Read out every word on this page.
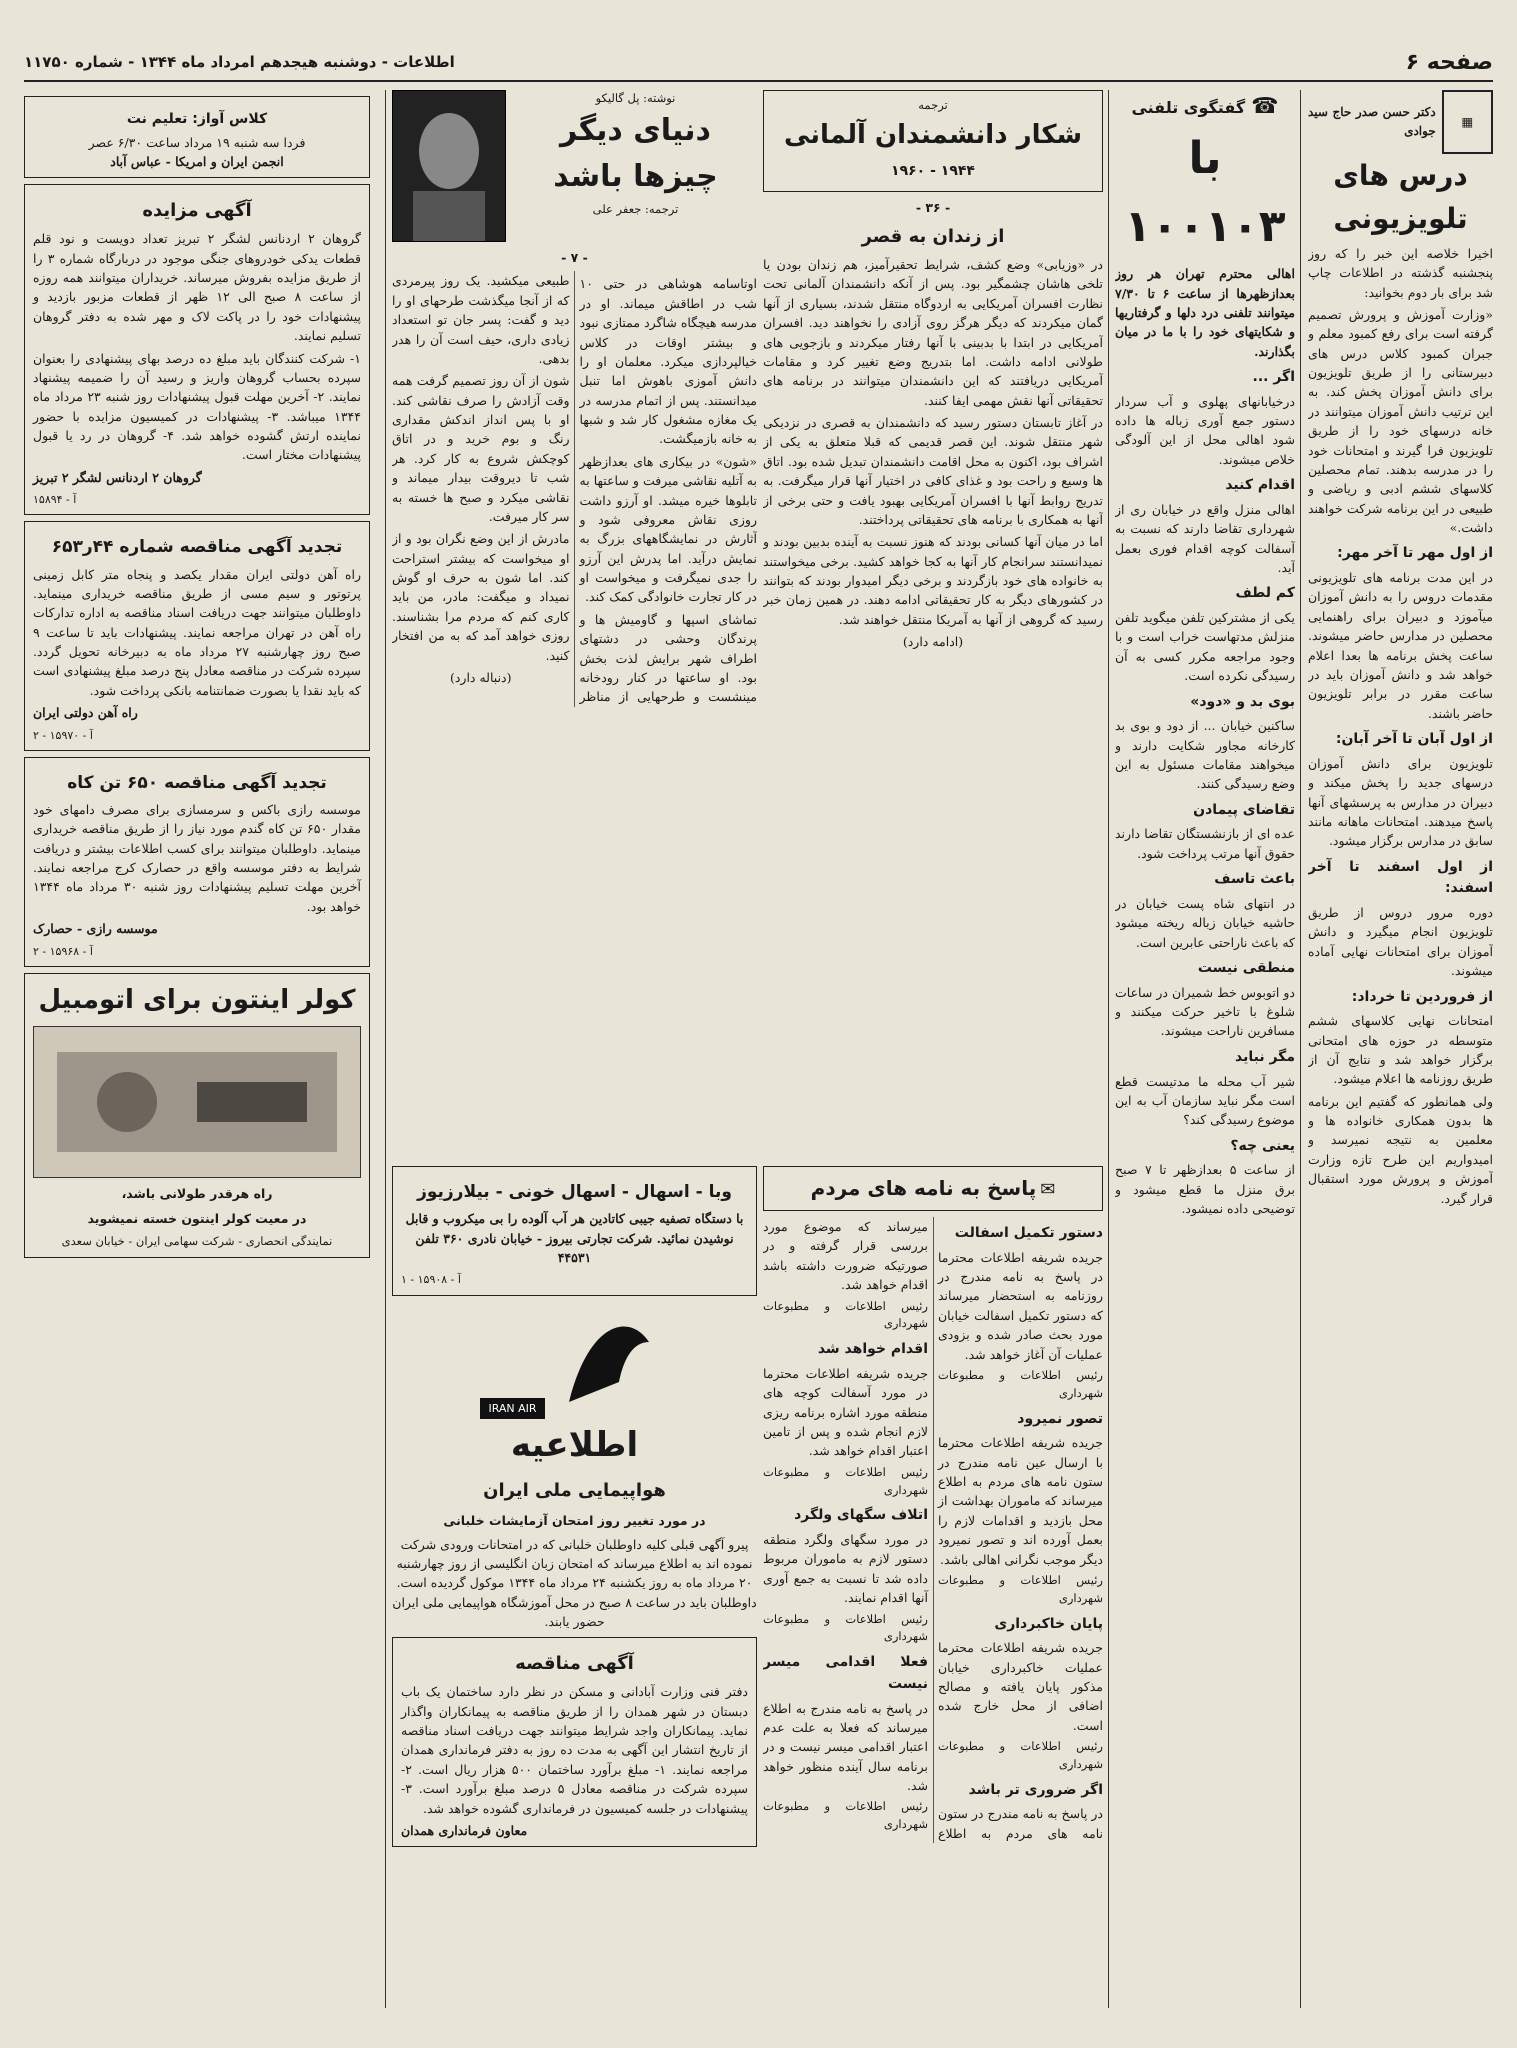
صفحه ۶
اطلاعات - دوشنبه هیجدهم امرداد ماه ۱۳۴۴ - شماره ۱۱۷۵۰
▦
دکتر حسن صدر حاج سید جوادی
درس های تلویزیونی

اخیرا خلاصه این خبر را که روز پنجشنبه گذشته در اطلاعات چاپ شد برای بار دوم بخوانید:

«وزارت آموزش و پرورش تصمیم گرفته است برای رفع کمبود معلم و جبران کمبود کلاس درس های دبیرستانی را از طریق تلویزیون برای دانش آموزان پخش کند. به این ترتیب دانش آموزان میتوانند در خانه درسهای خود را از طریق تلویزیون فرا گیرند و امتحانات خود را در مدرسه بدهند. تمام محصلین کلاسهای ششم ادبی و ریاضی و طبیعی در این برنامه شرکت خواهند داشت.»

از اول مهر تا آخر مهر:

در این مدت برنامه های تلویزیونی مقدمات دروس را به دانش آموزان میآموزد و دبیران برای راهنمایی محصلین در مدارس حاضر میشوند. ساعت پخش برنامه ها بعدا اعلام خواهد شد و دانش آموزان باید در ساعت مقرر در برابر تلویزیون حاضر باشند.

از اول آبان تا آخر آبان:

تلویزیون برای دانش آموزان درسهای جدید را پخش میکند و دبیران در مدارس به پرسشهای آنها پاسخ میدهند. امتحانات ماهانه مانند سابق در مدارس برگزار میشود.

از اول اسفند تا آخر اسفند:

دوره مرور دروس از طریق تلویزیون انجام میگیرد و دانش آموزان برای امتحانات نهایی آماده میشوند.

از فروردین تا خرداد:

امتحانات نهایی کلاسهای ششم متوسطه در حوزه های امتحانی برگزار خواهد شد و نتایج آن از طریق روزنامه ها اعلام میشود.

ولی همانطور که گفتیم این برنامه ها بدون همکاری خانواده ها و معلمین به نتیجه نمیرسد و امیدواریم این طرح تازه وزارت آموزش و پرورش مورد استقبال قرار گیرد.

☎
گفتگوی تلفنی
با ۱۰۰۱۰۳

اهالی محترم تهران هر روز بعدازظهرها از ساعت ۶ تا ۷/۳۰ میتوانند تلفنی درد دلها و گرفتاریها و شکایتهای خود را با ما در میان بگذارند.

اگر ...

درخیابانهای پهلوی و آب سردار دستور جمع آوری زباله ها داده شود اهالی محل از این آلودگی خلاص میشوند.

اقدام کنید

اهالی منزل واقع در خیابان ری از شهرداری تقاضا دارند که نسبت به آسفالت کوچه اقدام فوری بعمل آید.

کم لطف

یکی از مشترکین تلفن میگوید تلفن منزلش مدتهاست خراب است و با وجود مراجعه مکرر کسی به آن رسیدگی نکرده است.

بوی بد و «دود»

ساکنین خیابان ... از دود و بوی بد کارخانه مجاور شکایت دارند و میخواهند مقامات مسئول به این وضع رسیدگی کنند.

تقاضای پیمادن

عده ای از بازنشستگان تقاضا دارند حقوق آنها مرتب پرداخت شود.

باعث تاسف

در انتهای شاه پست خیابان در حاشیه خیابان زباله ریخته میشود که باعث ناراحتی عابرین است.

منطقی نیست

دو اتوبوس خط شمیران در ساعات شلوغ با تاخیر حرکت میکنند و مسافرین ناراحت میشوند.

مگر نباید

شیر آب محله ما مدتیست قطع است مگر نباید سازمان آب به این موضوع رسیدگی کند؟

یعنی چه؟

از ساعت ۵ بعدازظهر تا ۷ صبح برق منزل ما قطع میشود و توضیحی داده نمیشود.

ترجمه
شکار دانشمندان آلمانی
۱۹۴۴ - ۱۹۶۰
- ۳۶ -
از زندان به قصر

در «وزیابی» وضع کشف، شرایط تحقیرآمیز، هم زندان بودن یا تلخی هاشان چشمگیر بود. پس از آنکه دانشمندان آلمانی تحت نظارت افسران آمریکایی به اردوگاه منتقل شدند، بسیاری از آنها گمان میکردند که دیگر هرگز روی آزادی را نخواهند دید. افسران آمریکایی در ابتدا با بدبینی با آنها رفتار میکردند و بازجویی های طولانی ادامه داشت. اما بتدریج وضع تغییر کرد و مقامات آمریکایی دریافتند که این دانشمندان میتوانند در برنامه های تحقیقاتی آنها نقش مهمی ایفا کنند.

در آغاز تابستان دستور رسید که دانشمندان به قصری در نزدیکی شهر منتقل شوند. این قصر قدیمی که قبلا متعلق به یکی از اشراف بود، اکنون به محل اقامت دانشمندان تبدیل شده بود. اتاق ها وسیع و راحت بود و غذای کافی در اختیار آنها قرار میگرفت. به تدریج روابط آنها با افسران آمریکایی بهبود یافت و حتی برخی از آنها به همکاری با برنامه های تحقیقاتی پرداختند.

اما در میان آنها کسانی بودند که هنوز نسبت به آینده بدبین بودند و نمیدانستند سرانجام کار آنها به کجا خواهد کشید. برخی میخواستند به خانواده های خود بازگردند و برخی دیگر امیدوار بودند که بتوانند در کشورهای دیگر به کار تحقیقاتی ادامه دهند. در همین زمان خبر رسید که گروهی از آنها به آمریکا منتقل خواهند شد.

(ادامه دارد)

نوشته: پل گالیکو
دنیای دیگر چیزها باشد
ترجمه: جعفر علی
- ۷ -

اوتاسامه هوشاهی در حتی ۱۰ شب در اطاقش میماند. او در مدرسه هیچگاه شاگرد ممتازی نبود و بیشتر اوقات در کلاس خیالپردازی میکرد. معلمان او را دانش آموزی باهوش اما تنبل میدانستند. پس از اتمام مدرسه در یک مغازه مشغول کار شد و شبها به خانه بازمیگشت.

«شون» در بیکاری های بعدازظهر به آتلیه نقاشی میرفت و ساعتها به تابلوها خیره میشد. او آرزو داشت روزی نقاش معروفی شود و آثارش در نمایشگاههای بزرگ به نمایش درآید. اما پدرش این آرزو را جدی نمیگرفت و میخواست او در کار تجارت خانوادگی کمک کند.

تماشای اسپها و گاومیش ها و پرندگان وحشی در دشتهای اطراف شهر برایش لذت بخش بود. او ساعتها در کنار رودخانه مینشست و طرحهایی از مناظر طبیعی میکشید. یک روز پیرمردی که از آنجا میگذشت طرحهای او را دید و گفت: پسر جان تو استعداد زیادی داری، حیف است آن را هدر بدهی.

شون از آن روز تصمیم گرفت همه وقت آزادش را صرف نقاشی کند. او با پس انداز اندکش مقداری رنگ و بوم خرید و در اتاق کوچکش شروع به کار کرد. هر شب تا دیروقت بیدار میماند و نقاشی میکرد و صبح ها خسته به سر کار میرفت.

مادرش از این وضع نگران بود و از او میخواست که بیشتر استراحت کند. اما شون به حرف او گوش نمیداد و میگفت: مادر، من باید کاری کنم که مردم مرا بشناسند. روزی خواهد آمد که به من افتخار کنید.

(دنباله دارد)

کلاس آواز: تعلیم نت
فردا سه شنبه ۱۹ مرداد ساعت ۶/۳۰ عصر
انجمن ایران و امریکا - عباس آباد
آگهی مزایده

گروهان ۲ اردنانس لشگر ۲ تبریز تعداد دویست و نود قلم قطعات یدکی خودروهای جنگی موجود در دربارگاه شماره ۳ را از طریق مزایده بفروش میرساند. خریداران میتوانند همه روزه از ساعت ۸ صبح الی ۱۲ ظهر از قطعات مزبور بازدید و پیشنهادات خود را در پاکت لاک و مهر شده به دفتر گروهان تسلیم نمایند.

۱- شرکت کنندگان باید مبلغ ده درصد بهای پیشنهادی را بعنوان سپرده بحساب گروهان واریز و رسید آن را ضمیمه پیشنهاد نمایند. ۲- آخرین مهلت قبول پیشنهادات روز شنبه ۲۳ مرداد ماه ۱۳۴۴ میباشد. ۳- پیشنهادات در کمیسیون مزایده با حضور نماینده ارتش گشوده خواهد شد. ۴- گروهان در رد یا قبول پیشنهادات مختار است.

گروهان ۲ اردنانس لشگر ۲ تبریز
آ - ۱۵۸۹۴
تجدید آگهی مناقصه شماره ۴۴ر۶۵۳

راه آهن دولتی ایران مقدار یکصد و پنجاه متر کابل زمینی پرتوتور و سیم مسی از طریق مناقصه خریداری مینماید. داوطلبان میتوانند جهت دریافت اسناد مناقصه به اداره تدارکات راه آهن در تهران مراجعه نمایند. پیشنهادات باید تا ساعت ۹ صبح روز چهارشنبه ۲۷ مرداد ماه به دبیرخانه تحویل گردد. سپرده شرکت در مناقصه معادل پنج درصد مبلغ پیشنهادی است که باید نقدا یا بصورت ضمانتنامه بانکی پرداخت شود.

راه آهن دولتی ایران
آ - ۱۵۹۷۰ - ۲
تجدید آگهی مناقصه ۶۵۰ تن کاه

موسسه رازی باکس و سرمسازی برای مصرف دامهای خود مقدار ۶۵۰ تن کاه گندم مورد نیاز را از طریق مناقصه خریداری مینماید. داوطلبان میتوانند برای کسب اطلاعات بیشتر و دریافت شرایط به دفتر موسسه واقع در حصارک کرج مراجعه نمایند. آخرین مهلت تسلیم پیشنهادات روز شنبه ۳۰ مرداد ماه ۱۳۴۴ خواهد بود.

موسسه رازی - حصارک
آ - ۱۵۹۶۸ - ۲
کولر اینتون برای اتومبیل
راه هرقدر طولانی باشد،
در معیت کولر اینتون خسته نمیشوید
نمایندگی انحصاری - شرکت سهامی ایران - خیابان سعدی
وبا - اسهال - اسهال خونی - بیلارزیوز

با دستگاه تصفیه جیبی کاتادین هر آب آلوده را بی میکروب و قابل نوشیدن نمائید. شرکت تجارتی بیروز - خیابان نادری ۳۶۰ تلفن ۴۴۵۳۱

آ - ۱۵۹۰۸ - ۱
IRAN AIR
اطلاعیه
هواپیمایی ملی ایران
در مورد تغییر روز امتحان آزمایشات خلبانی

پیرو آگهی قبلی کلیه داوطلبان خلبانی که در امتحانات ورودی شرکت نموده اند به اطلاع میرساند که امتحان زبان انگلیسی از روز چهارشنبه ۲۰ مرداد ماه به روز یکشنبه ۲۴ مرداد ماه ۱۳۴۴ موکول گردیده است. داوطلبان باید در ساعت ۸ صبح در محل آموزشگاه هواپیمایی ملی ایران حضور یابند.

آگهی مناقصه

دفتر فنی وزارت آبادانی و مسکن در نظر دارد ساختمان یک باب دبستان در شهر همدان را از طریق مناقصه به پیمانکاران واگذار نماید. پیمانکاران واجد شرایط میتوانند جهت دریافت اسناد مناقصه از تاریخ انتشار این آگهی به مدت ده روز به دفتر فرمانداری همدان مراجعه نمایند. ۱- مبلغ برآورد ساختمان ۵۰۰ هزار ریال است. ۲- سپرده شرکت در مناقصه معادل ۵ درصد مبلغ برآورد است. ۳- پیشنهادات در جلسه کمیسیون در فرمانداری گشوده خواهد شد.

معاون فرمانداری همدان
✉ پاسخ به نامه های مردم
دستور تکمیل اسفالت

جریده شریفه اطلاعات محترما در پاسخ به نامه مندرج در روزنامه به استحضار میرساند که دستور تکمیل اسفالت خیابان مورد بحث صادر شده و بزودی عملیات آن آغاز خواهد شد.

رئیس اطلاعات و مطبوعات شهرداری

تصور نمیرود

جریده شریفه اطلاعات محترما با ارسال عین نامه مندرج در ستون نامه های مردم به اطلاع میرساند که ماموران بهداشت از محل بازدید و اقدامات لازم را بعمل آورده اند و تصور نمیرود دیگر موجب نگرانی اهالی باشد.

رئیس اطلاعات و مطبوعات شهرداری

پایان خاکبرداری

جریده شریفه اطلاعات محترما عملیات خاکبرداری خیابان مذکور پایان یافته و مصالح اضافی از محل خارج شده است.

رئیس اطلاعات و مطبوعات شهرداری

اگر ضروری تر باشد

در پاسخ به نامه مندرج در ستون نامه های مردم به اطلاع میرساند که موضوع مورد بررسی قرار گرفته و در صورتیکه ضرورت داشته باشد اقدام خواهد شد.

رئیس اطلاعات و مطبوعات شهرداری

اقدام خواهد شد

جریده شریفه اطلاعات محترما در مورد آسفالت کوچه های منطقه مورد اشاره برنامه ریزی لازم انجام شده و پس از تامین اعتبار اقدام خواهد شد.

رئیس اطلاعات و مطبوعات شهرداری

اتلاف سگهای ولگرد

در مورد سگهای ولگرد منطقه دستور لازم به ماموران مربوط داده شد تا نسبت به جمع آوری آنها اقدام نمایند.

رئیس اطلاعات و مطبوعات شهرداری

فعلا اقدامی میسر نیست

در پاسخ به نامه مندرج به اطلاع میرساند که فعلا به علت عدم اعتبار اقدامی میسر نیست و در برنامه سال آینده منظور خواهد شد.

رئیس اطلاعات و مطبوعات شهرداری
